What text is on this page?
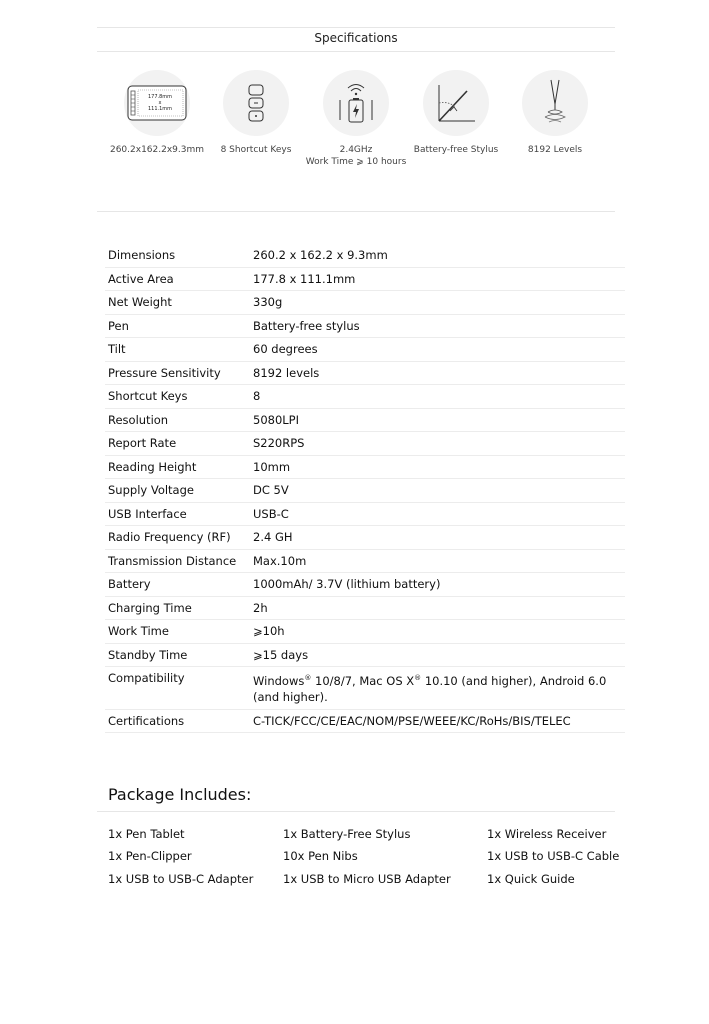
Specifications
177.8mm
x
111.1mm
260.2x162.2x9.3mm	8 Shortcut Keys	2.4GHz
Work Time ⩾ 10 hours
Battery-free Stylus	8192 Levels
Dimensions	260.2 x 162.2 x 9.3mm
Active Area	177.8 x 111.1mm
Net Weight	330g
Pen	Battery-free stylus
Tilt	60 degrees
Pressure Sensitivity	8192 levels
Shortcut Keys	8
Resolution	5080LPI
Report Rate	S220RPS
Reading Height	10mm
Supply Voltage	DC 5V
USB Interface	USB-C
Radio Frequency (RF)	2.4 GH
Transmission Distance	Max.10m
Battery	1000mAh/ 3.7V (lithium battery)
Charging Time	2h
Work Time	⩾10h
Standby Time	⩾15 days
Compatibility	Windows® 10/8/7, Mac OS X® 10.10 (and higher), Android 6.0 (and higher).
Certifications	C-TICK/FCC/CE/EAC/NOM/PSE/WEEE/KC/RoHs/BIS/TELEC
Package Includes:
1x Pen Tablet	1x Battery-Free Stylus	1x Wireless Receiver
1x Pen-Clipper	10x Pen Nibs	1x USB to USB-C Cable
1x USB to USB-C Adapter	1x USB to Micro USB Adapter	1x Quick Guide
